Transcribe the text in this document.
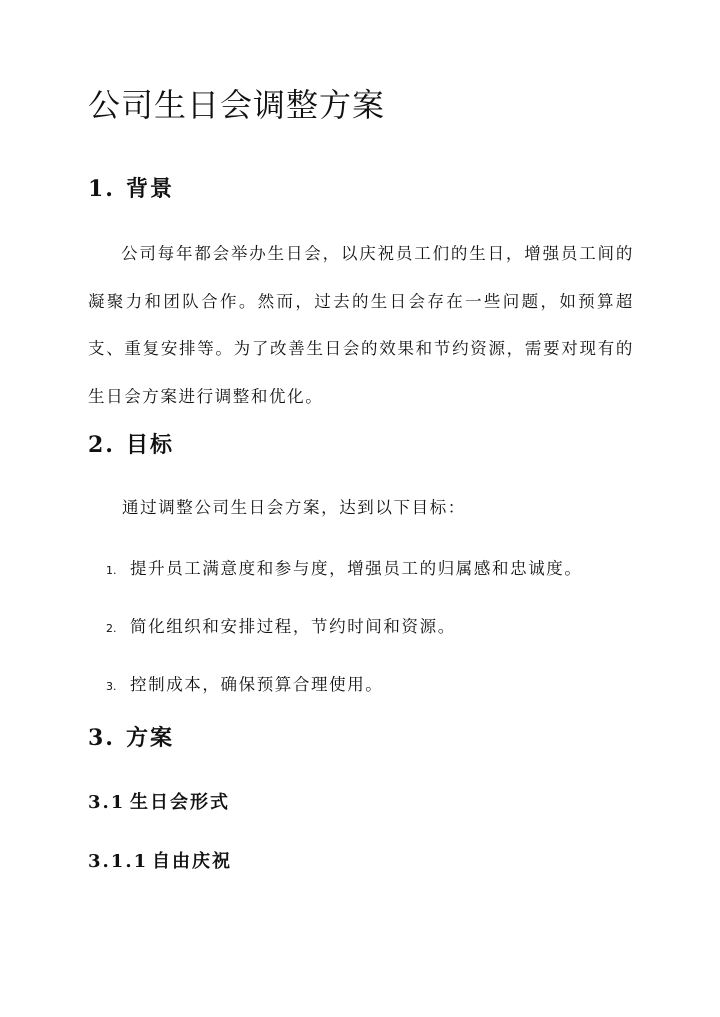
公司生日会调整方案
1. 背景

公司每年都会举办生日会，以庆祝员工们的生日，增强员工间的凝聚力和团队合作。然而，过去的生日会存在一些问题，如预算超支、重复安排等。为了改善生日会的效果和节约资源，需要对现有的生日会方案进行调整和优化。

2. 目标

通过调整公司生日会方案，达到以下目标：

1. 提升员工满意度和参与度，增强员工的归属感和忠诚度。
2. 简化组织和安排过程，节约时间和资源。
3. 控制成本，确保预算合理使用。
3. 方案
3.1 生日会形式
3.1.1 自由庆祝
